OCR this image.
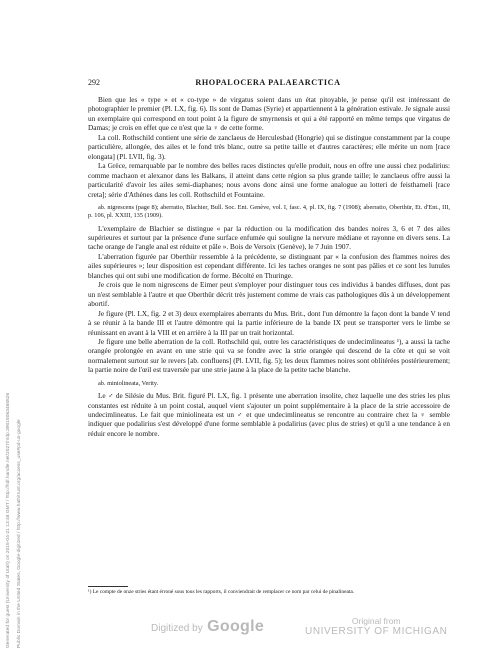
292	RHOPALOCERA PALAEARCTICA

Bien que les « type » et « co-type » de virgatus soient dans un état pitoyable, je pense qu'il est intéressant de photographier le premier (Pl. LX, fig. 6). Ils sont de Damas (Syrie) et appartiennent à la génération estivale. Je signale aussi un exemplaire qui correspond en tout point à la figure de smyrnensis et qui a été rapporté en même temps que virgatus de Damas; je crois en effet que ce n'est que la ♀ de cette forme.

La coll. Rothschild contient une série de zanclaeus de Herculesbad (Hongrie) qui se distingue constamment par la coupe particulière, allongée, des ailes et le fond très blanc, outre sa petite taille et d'autres caractères; elle mérite un nom [race elongata] (Pl. LVII, fig. 3).

La Grèce, remarquable par le nombre des belles races distinctes qu'elle produit, nous en offre une aussi chez podalirius: comme machaon et alexanor dans les Balkans, il atteint dans cette région sa plus grande taille; le zanclaeus offre aussi la particularité d'avoir les ailes semi-diaphanes; nous avons donc ainsi une forme analogue au lotteri de feisthameli [race creta]; série d'Athènes dans les coll. Rothschild et Fountaine.

ab. nigrescens (page 8); aberratio, Blachier, Bull. Soc. Ent. Genève, vol. I, fasc. 4, pl. IX, fig. 7 (1908); aberratio, Oberthür, Et. d'Ent., III, p. 106, pl. XXIII, 135 (1909).

L'exemplaire de Blachier se distingue « par la réduction ou la modification des bandes noires 3, 6 et 7 des ailes supérieures et surtout par la présence d'une surface enfumée qui souligne la nervure médiane et rayonne en divers sens. La tache orange de l'angle anal est réduite et pâle ». Bois de Versoix (Genève), le 7 Juin 1907.

L'aberration figurée par Oberthür ressemble à la précédente, se distinguant par « la confusion des flammes noires des ailes supérieures »; leur disposition est cependant différente. Ici les taches oranges ne sont pas pâlies et ce sont les lunules blanches qui ont subi une modification de forme. Bécolté en Thuringe.

Je crois que le nom nigrescens de Eimer peut s'employer pour distinguer tous ces individus à bandes diffuses, dont pas un n'est semblable à l'autre et que Oberthür décrit très justement comme de vrais cas pathologiques dûs à un développement abortif.

Je figure (Pl. LX, fig. 2 et 3) deux exemplaires aberrants du Mus. Brit., dont l'un démontre la façon dont la bande V tend à se réunir à la bande III et l'autre démontre qui la partie inférieure de la bande IX peut se transporter vers le limbe se réunissant en avant à la VIII et en arrière à la III par un trait horizontal.

Je figure une belle aberration de la coll. Rothschild qui, outre les caractéristiques de undecimlineatus ¹), a aussi la tache orangée prolongée en avant en une strie qui va se fondre avec la strie orangée qui descend de la côte et qui se voit normalement surtout sur le revers [ab. confluens] (Pl. LVII, fig. 5); les deux flammes noires sont oblitérées postérieurement; la partie noire de l'œil est traversée par une strie jaune à la place de la petite tache blanche.

ab. miniolineata, Verity.

Le ♂ de Silésie du Mus. Brit. figuré Pl. LX, fig. 1 présente une aberration insolite, chez laquelle une des stries les plus constantes est réduite à un point costal, auquel vient s'ajouter un point supplémentaire à la place de la strie accessoire de undecimlineatus. Le fait que miniolineata est un ♂ et que undecimlineatus se rencontre au contraire chez la ♀ semble indiquer que podalirius s'est développé d'une forme semblable à podalirius (avec plus de stries) et qu'il a une tendance à en réduir encore le nombre.

¹) Le compte de onze stries étant érroné sous tous les rapports, il conviendrait de remplacer ce nom par celui de pinalineata.
Generated for guest (University of Utah) on 2015-04-21 13:48 GMT / http://hdl.handle.net/2027/mdp.39015063465526 Public Domain in the United States, Google-digitized / http://www.hathitrust.org/access_use#pd-us-google	Digitized by Google	Original from
UNIVERSITY OF MICHIGAN
